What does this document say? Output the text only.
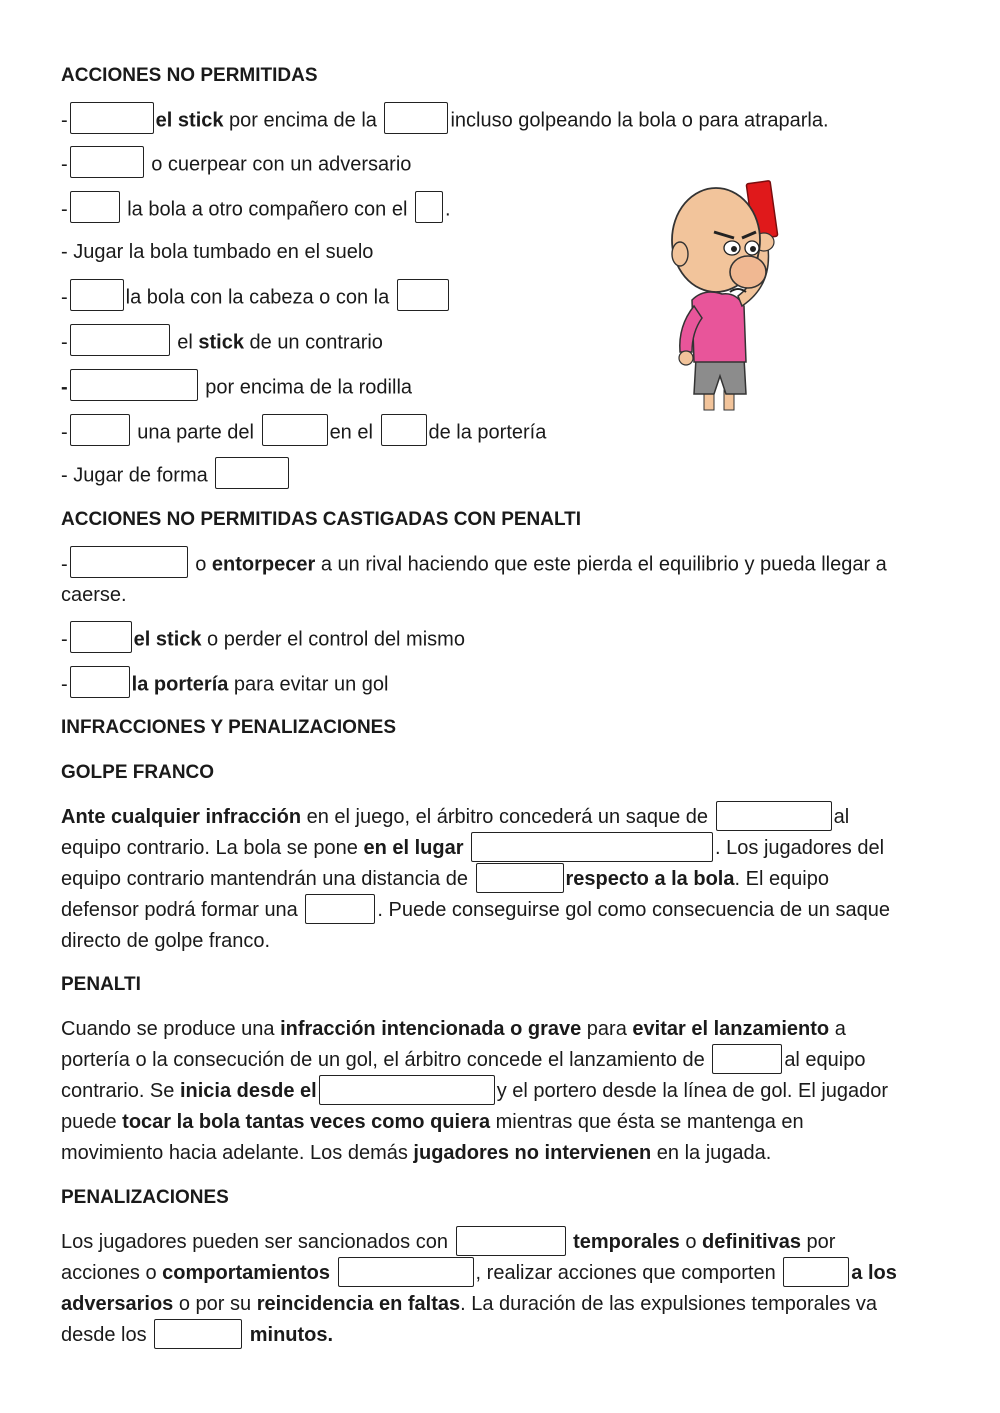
ACCIONES NO PERMITIDAS
-	el stick por encima de la	incluso golpeando la bola o para atraparla.
-	o cuerpear con un adversario
-	la bola a otro compañero con el .
- Jugar la bola tumbado en el suelo
-	la bola con la cabeza o con la
-	el stick de un contrario
-	por encima de la rodilla
-	una parte del	en el	de la portería
- Jugar de forma
ACCIONES NO PERMITIDAS CASTIGADAS CON PENALTI
-	o entorpecer a un rival haciendo que este pierda el equilibrio y pueda llegar a
caerse.
-	el stick o perder el control del mismo
-	la portería para evitar un gol
INFRACCIONES Y PENALIZACIONES
GOLPE FRANCO
Ante cualquier infracción en el juego, el árbitro concederá un saque de	al
equipo contrario. La bola se pone en el lugar	. Los jugadores del
equipo contrario mantendrán una distancia de	respecto a la bola. El equipo
defensor podrá formar una	. Puede conseguirse gol como consecuencia de un saque
directo de golpe franco.
PENALTI
Cuando se produce una infracción intencionada o grave para evitar el lanzamiento a
portería o la consecución de un gol, el árbitro concede el lanzamiento de	al equipo
contrario. Se inicia desde el	y el portero desde la línea de gol. El jugador
puede tocar la bola tantas veces como quiera mientras que ésta se mantenga en
movimiento hacia adelante. Los demás jugadores no intervienen en la jugada.
PENALIZACIONES
Los jugadores pueden ser sancionados con	temporales o definitivas por
acciones o comportamientos	, realizar acciones que comporten	a los
adversarios o por su reincidencia en faltas. La duración de las expulsiones temporales va
desde los	minutos.
